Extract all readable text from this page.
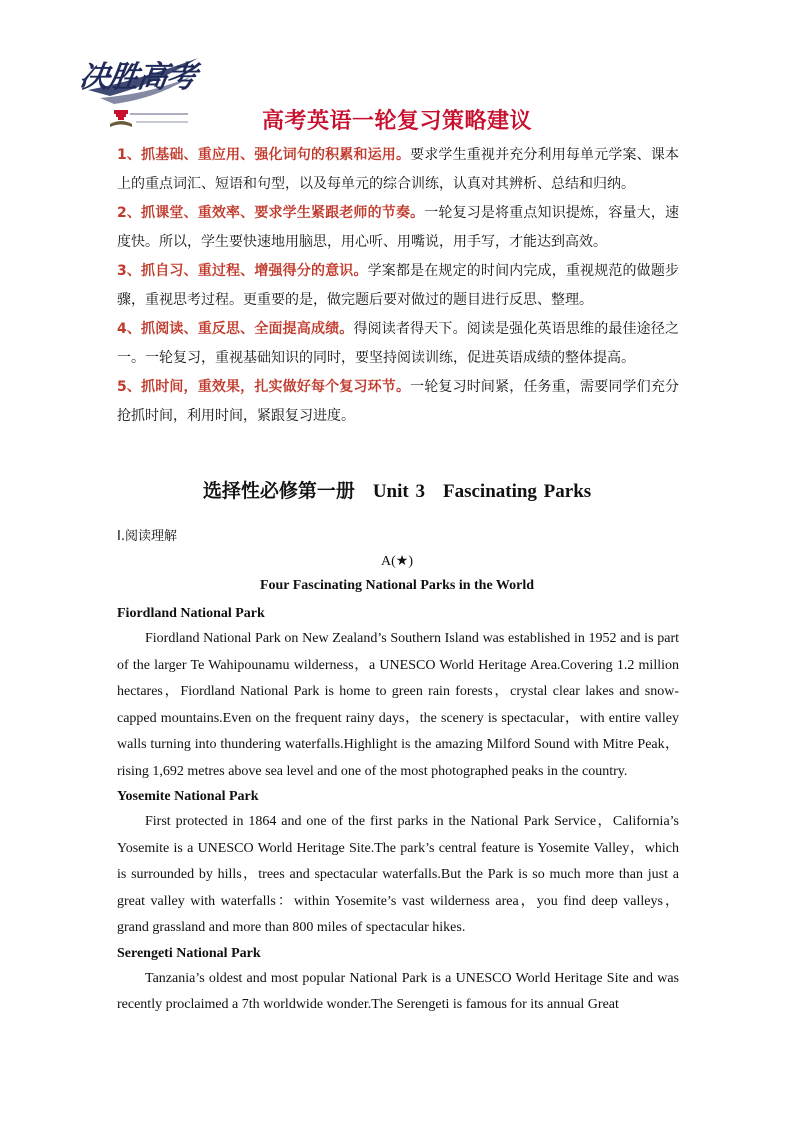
决胜高考
高考英语一轮复习策略建议

1、抓基础、重应用、强化词句的积累和运用。要求学生重视并充分利用每单元学案、课本上的重点词汇、短语和句型，以及每单元的综合训练，认真对其辨析、总结和归纳。

2、抓课堂、重效率、要求学生紧跟老师的节奏。一轮复习是将重点知识提炼，容量大，速度快。所以，学生要快速地用脑思，用心听、用嘴说，用手写，才能达到高效。

3、抓自习、重过程、增强得分的意识。学案都是在规定的时间内完成，重视规范的做题步骤，重视思考过程。更重要的是，做完题后要对做过的题目进行反思、整理。

4、抓阅读、重反思、全面提高成绩。得阅读者得天下。阅读是强化英语思维的最佳途径之一。一轮复习，重视基础知识的同时，要坚持阅读训练，促进英语成绩的整体提高。

5、抓时间，重效果，扎实做好每个复习环节。一轮复习时间紧，任务重，需要同学们充分抢抓时间，利用时间，紧跟复习进度。

选择性必修第一册 Unit 3 Fascinating Parks
Ⅰ.阅读理解
A(★)
Four Fascinating National Parks in the World

Fiordland National Park

Fiordland National Park on New Zealand’s Southern Island was established in 1952 and is part of the larger Te Wahipounamu wilderness，a UNESCO World Heritage Area.Covering 1.2 million hectares，Fiordland National Park is home to green rain forests，crystal clear lakes and snow-capped mountains.Even on the frequent rainy days，the scenery is spectacular，with entire valley walls turning into thundering waterfalls.Highlight is the amazing Milford Sound with Mitre Peak，rising 1,692 metres above sea level and one of the most photographed peaks in the country.

Yosemite National Park

First protected in 1864 and one of the first parks in the National Park Service，California’s Yosemite is a UNESCO World Heritage Site.The park’s central feature is Yosemite Valley，which is surrounded by hills，trees and spectacular waterfalls.But the Park is so much more than just a great valley with waterfalls：within Yosemite’s vast wilderness area，you find deep valleys，grand grassland and more than 800 miles of spectacular hikes.

Serengeti National Park

Tanzania’s oldest and most popular National Park is a UNESCO World Heritage Site and was recently proclaimed a 7th worldwide wonder.The Serengeti is famous for its annual Great
